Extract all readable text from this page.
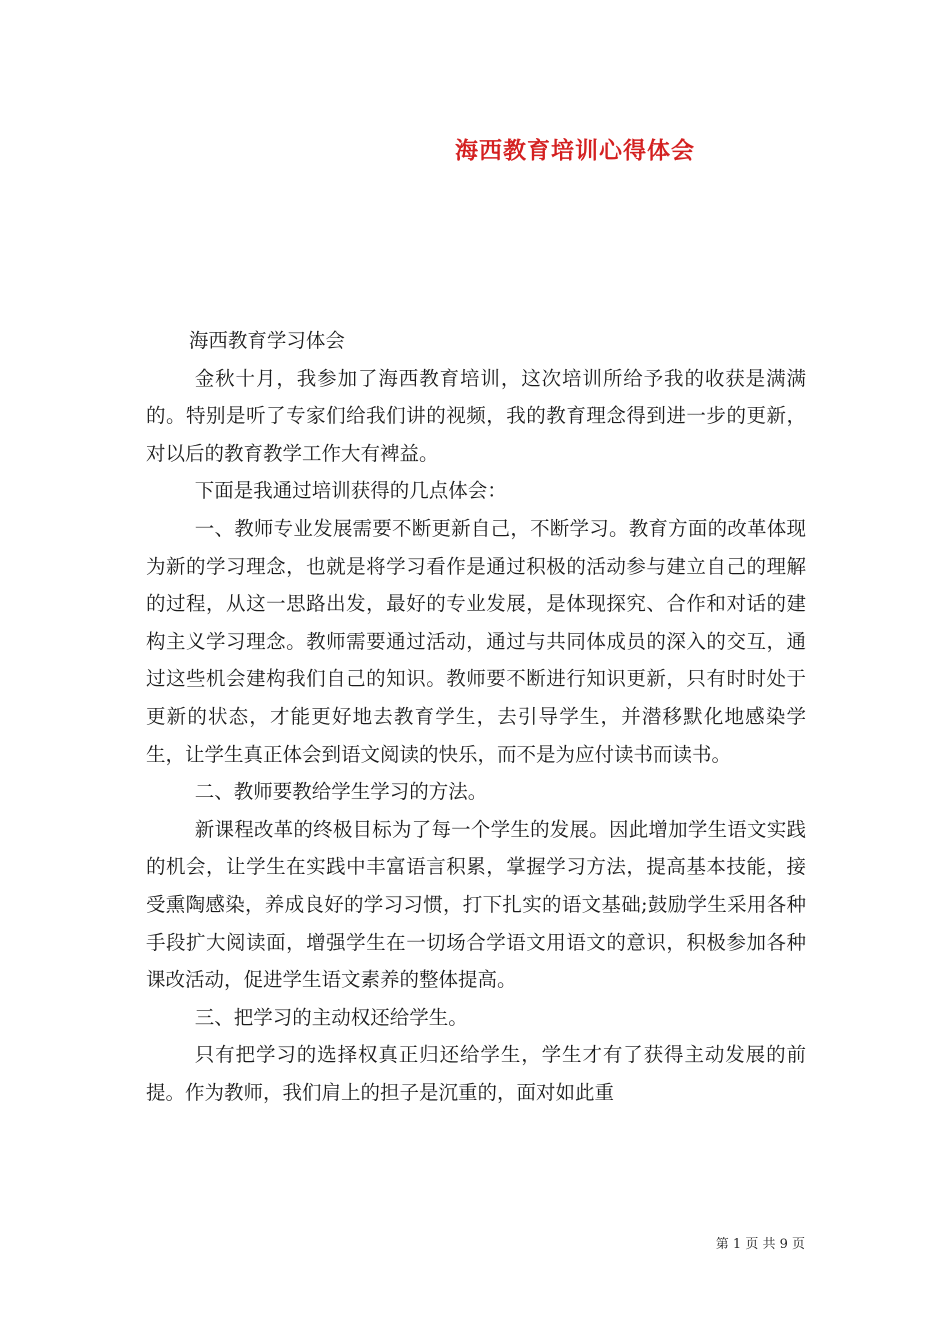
海西教育培训心得体会

海西教育学习体会

金秋十月，我参加了海西教育培训，这次培训所给予我的收获是满满的。特别是听了专家们给我们讲的视频，我的教育理念得到进一步的更新，对以后的教育教学工作大有裨益。

下面是我通过培训获得的几点体会：

一、教师专业发展需要不断更新自己，不断学习。教育方面的改革体现为新的学习理念，也就是将学习看作是通过积极的活动参与建立自己的理解的过程，从这一思路出发，最好的专业发展，是体现探究、合作和对话的建构主义学习理念。教师需要通过活动，通过与共同体成员的深入的交互，通过这些机会建构我们自己的知识。教师要不断进行知识更新，只有时时处于更新的状态，才能更好地去教育学生，去引导学生，并潜移默化地感染学生，让学生真正体会到语文阅读的快乐，而不是为应付读书而读书。

二、教师要教给学生学习的方法。

新课程改革的终极目标为了每一个学生的发展。因此增加学生语文实践的机会，让学生在实践中丰富语言积累，掌握学习方法，提高基本技能，接受熏陶感染，养成良好的学习习惯，打下扎实的语文基础;鼓励学生采用各种手段扩大阅读面，增强学生在一切场合学语文用语文的意识，积极参加各种课改活动，促进学生语文素养的整体提高。

三、把学习的主动权还给学生。

只有把学习的选择权真正归还给学生，学生才有了获得主动发展的前提。作为教师，我们肩上的担子是沉重的，面对如此重

第 1 页 共 9 页
